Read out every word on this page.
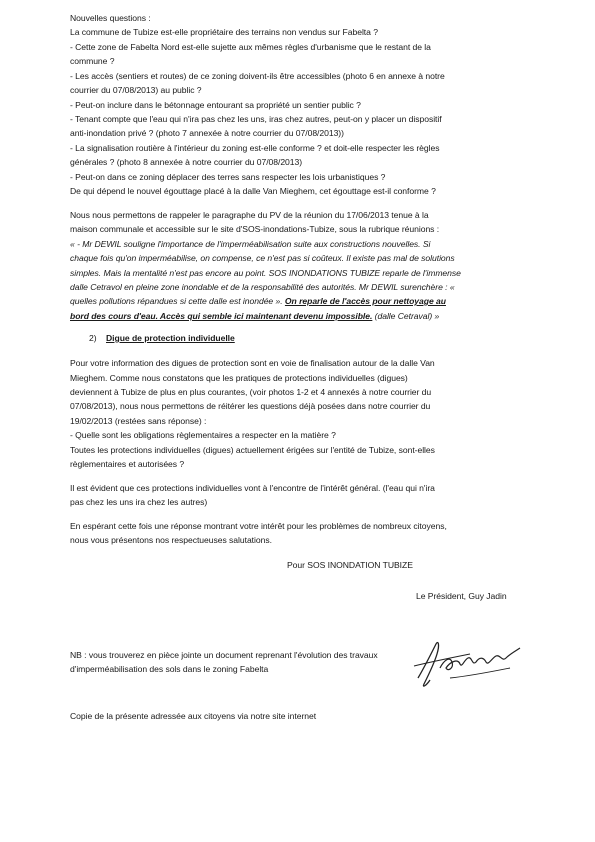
Nouvelles questions :
La commune de Tubize est-elle propriétaire des terrains non vendus sur Fabelta ?
- Cette zone de Fabelta Nord est-elle sujette aux mêmes règles d'urbanisme que le restant de la
commune ?
- Les accès (sentiers et routes) de ce zoning doivent-ils être accessibles (photo 6 en annexe à notre
courrier du 07/08/2013) au public ?
- Peut-on inclure dans le bétonnage entourant sa propriété un sentier public ?
- Tenant compte que l'eau qui n'ira pas chez les uns, iras chez autres, peut-on y placer un dispositif
anti-inondation privé ? (photo 7 annexée à notre courrier du 07/08/2013))
- La signalisation routière à l'intérieur du zoning est-elle conforme ? et doit-elle respecter les règles
générales ? (photo 8 annexée à notre courrier du 07/08/2013)
- Peut-on dans ce zoning déplacer des terres sans respecter les lois urbanistiques ?
De qui dépend le nouvel égouttage placé à la dalle Van Mieghem, cet égouttage est-il conforme ?
Nous nous permettons de rappeler le paragraphe du PV de la réunion du 17/06/2013 tenue à la
maison communale et accessible sur le site d'SOS-inondations-Tubize, sous la rubrique réunions :
« - Mr DEWIL souligne l'importance de l'imperméabilisation suite aux constructions nouvelles. Si
chaque fois qu'on imperméabilise, on compense, ce n'est pas si coûteux. Il existe pas mal de solutions
simples. Mais la mentalité n'est pas encore au point. SOS INONDATIONS TUBIZE reparle de l'immense
dalle Cetravol en pleine zone inondable et de la responsabilité des autorités. Mr DEWIL surenchère : «
quelles pollutions répandues si cette dalle est inondée ». On reparle de l'accès pour nettoyage au
bord des cours d'eau. Accès qui semble ici maintenant devenu impossible. (dalle Cetraval) »
2) Digue de protection individuelle
Pour votre information des digues de protection sont en voie de finalisation autour de la dalle Van
Mieghem. Comme nous constatons que les pratiques de protections individuelles (digues)
deviennent à Tubize de plus en plus courantes, (voir photos 1-2 et 4 annexés à notre courrier du
07/08/2013), nous nous permettons de réitérer les questions déjà posées dans notre courrier du
19/02/2013 (restées sans réponse) :
- Quelle sont les obligations règlementaires a respecter en la matière ?
Toutes les protections individuelles (digues) actuellement érigées sur l'entité de Tubize, sont-elles
règlementaires et autorisées ?
Il est évident que ces protections individuelles vont à l'encontre de l'intérêt général. (l'eau qui n'ira
pas chez les uns ira chez les autres)
En espérant cette fois une réponse montrant votre intérêt pour les problèmes de nombreux citoyens,
nous vous présentons nos respectueuses salutations.
Pour SOS INONDATION TUBIZE
Le Président, Guy Jadin
NB : vous trouverez en pièce jointe un document reprenant l'évolution des travaux
d'imperméabilisation des sols dans le zoning Fabelta
Copie de la présente adressée aux citoyens via notre site internet
